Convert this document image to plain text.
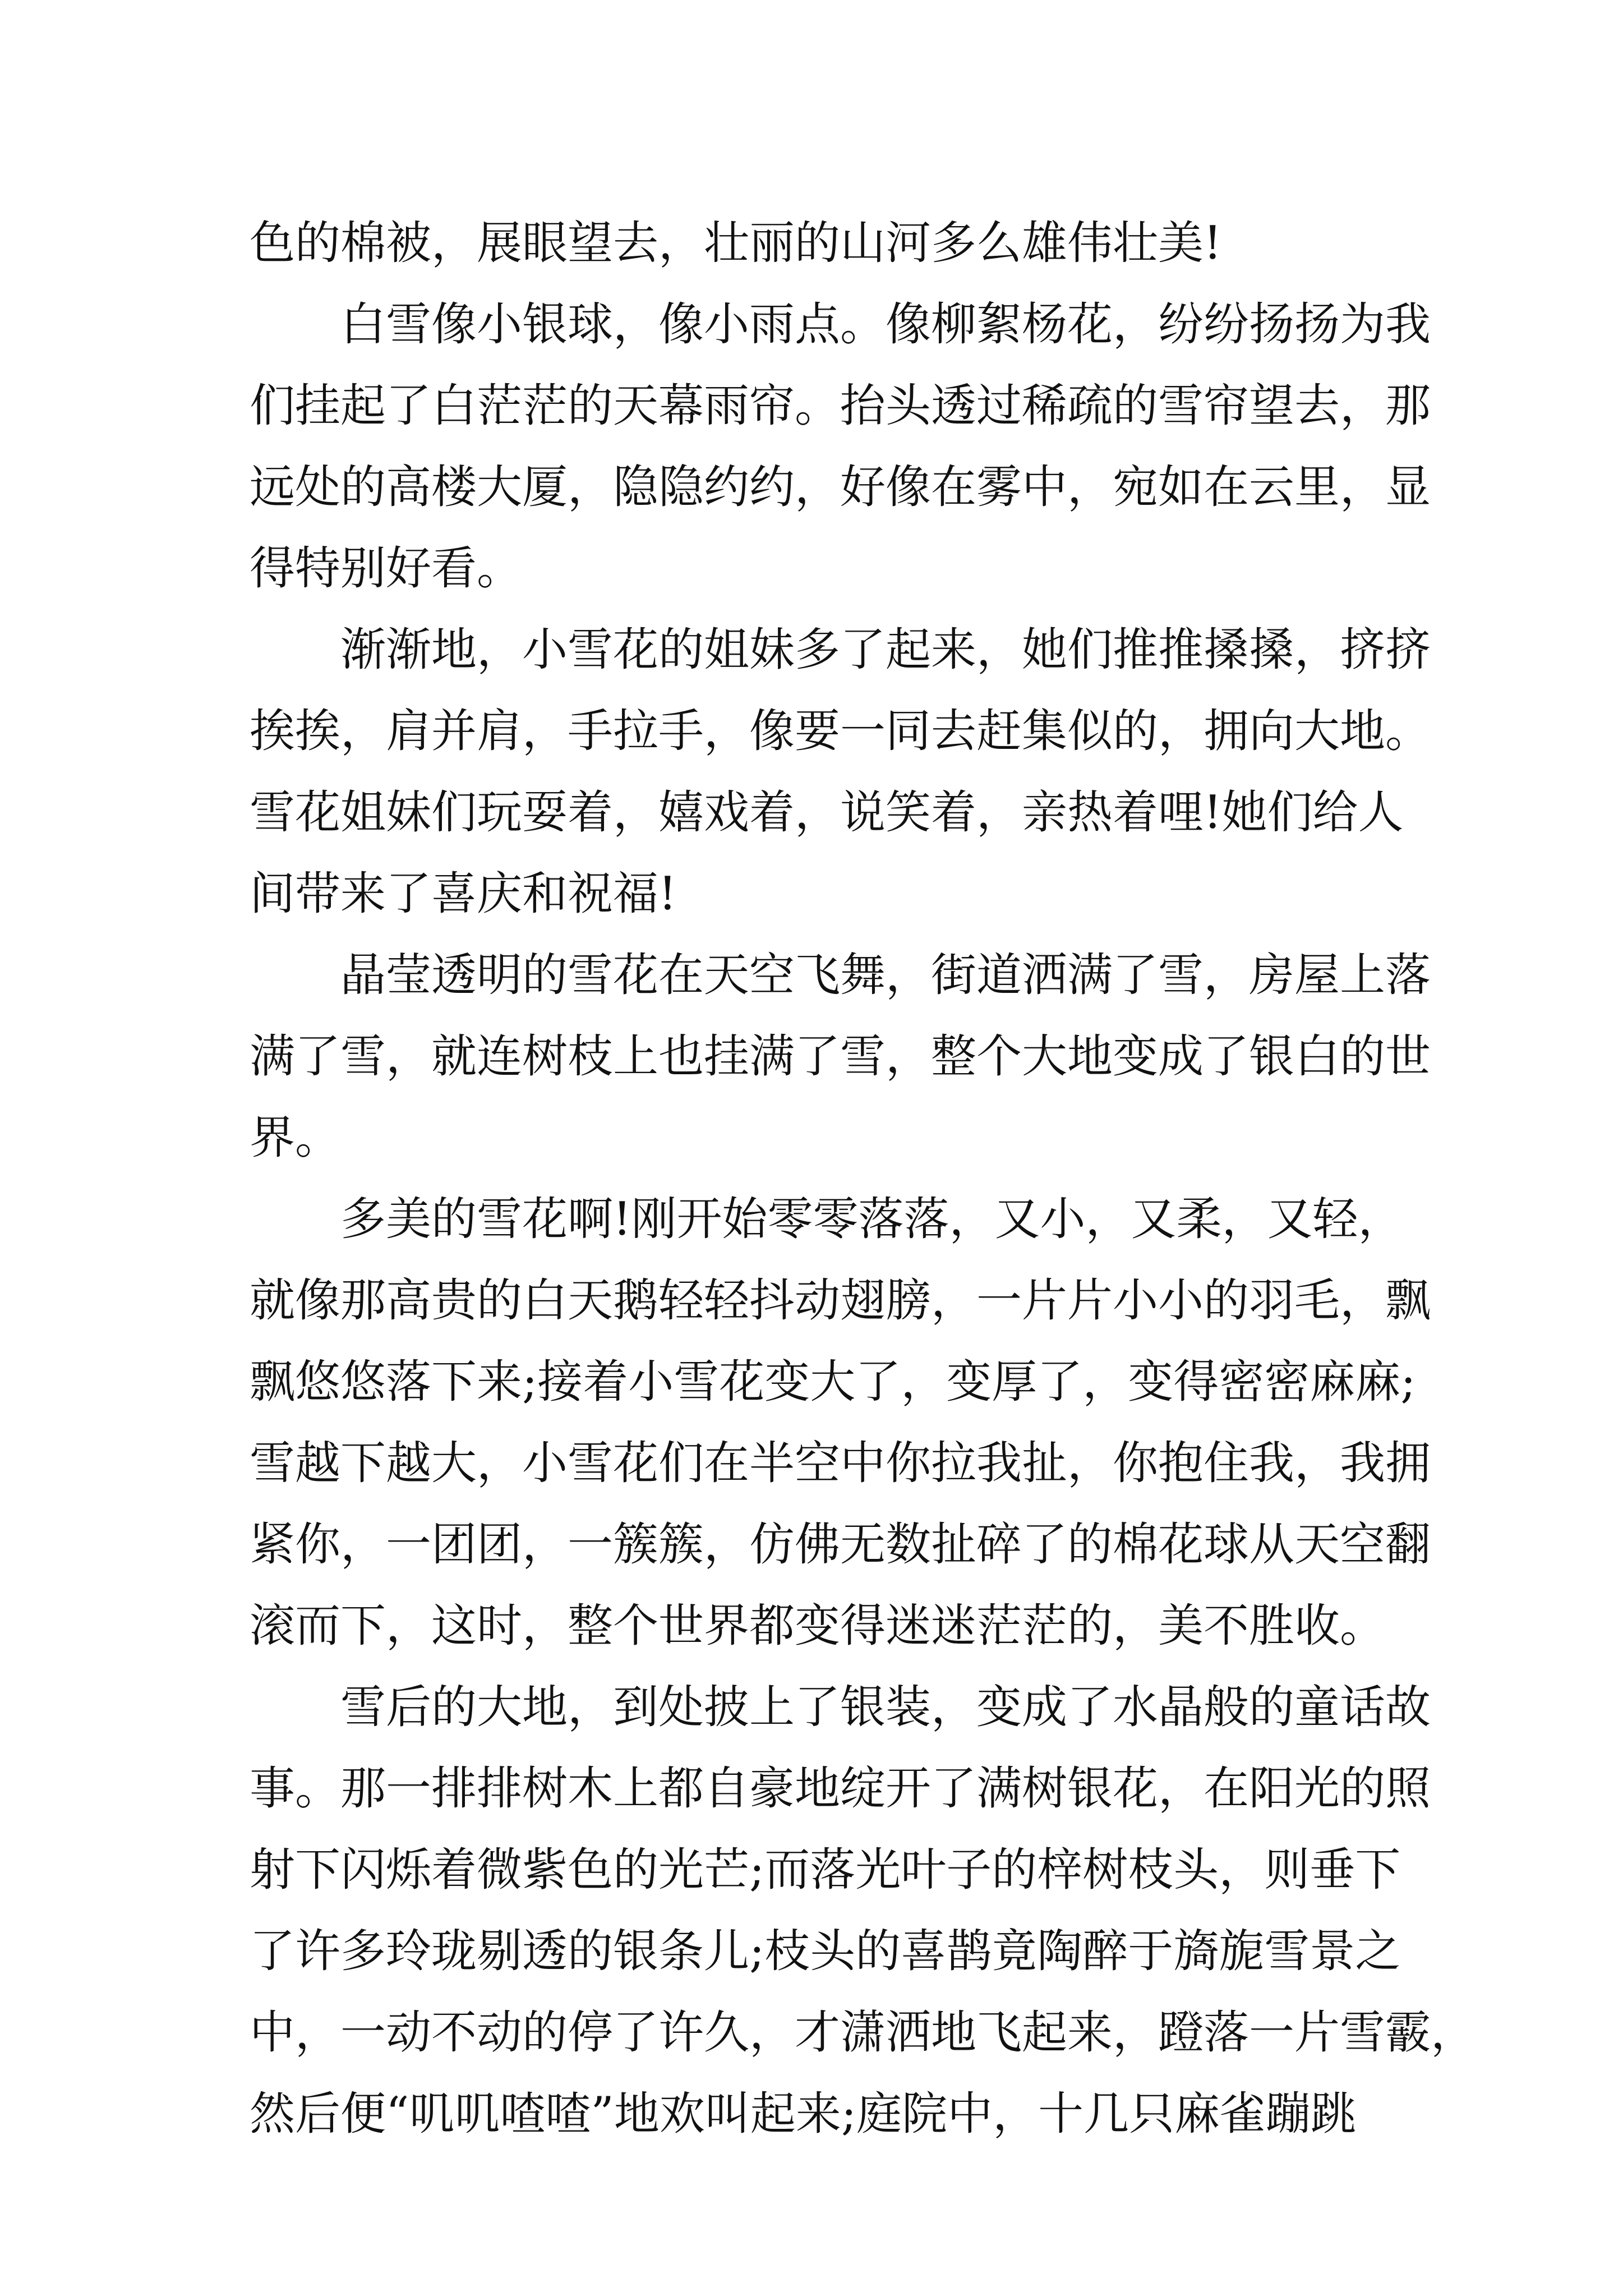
色的棉被，展眼望去，壮丽的山河多么雄伟壮美!
白雪像小银球，像小雨点。像柳絮杨花，纷纷扬扬为我
们挂起了白茫茫的天幕雨帘。抬头透过稀疏的雪帘望去，那
远处的高楼大厦，隐隐约约，好像在雾中，宛如在云里，显
得特别好看。
渐渐地，小雪花的姐妹多了起来，她们推推搡搡，挤挤
挨挨，肩并肩，手拉手，像要一同去赶集似的，拥向大地。
雪花姐妹们玩耍着，嬉戏着，说笑着，亲热着哩!她们给人
间带来了喜庆和祝福!
晶莹透明的雪花在天空飞舞，街道洒满了雪，房屋上落
满了雪，就连树枝上也挂满了雪，整个大地变成了银白的世
界。
多美的雪花啊!刚开始零零落落，又小，又柔，又轻，
就像那高贵的白天鹅轻轻抖动翅膀，一片片小小的羽毛，飘
飘悠悠落下来;接着小雪花变大了，变厚了，变得密密麻麻;
雪越下越大，小雪花们在半空中你拉我扯，你抱住我，我拥
紧你，一团团，一簇簇，仿佛无数扯碎了的棉花球从天空翻
滚而下，这时，整个世界都变得迷迷茫茫的，美不胜收。
雪后的大地，到处披上了银装，变成了水晶般的童话故
事。那一排排树木上都自豪地绽开了满树银花，在阳光的照
射下闪烁着微紫色的光芒;而落光叶子的梓树枝头，则垂下
了许多玲珑剔透的银条儿;枝头的喜鹊竟陶醉于旖旎雪景之
中，一动不动的停了许久，才潇洒地飞起来，蹬落一片雪霰，
然后便“叽叽喳喳”地欢叫起来;庭院中，十几只麻雀蹦跳
